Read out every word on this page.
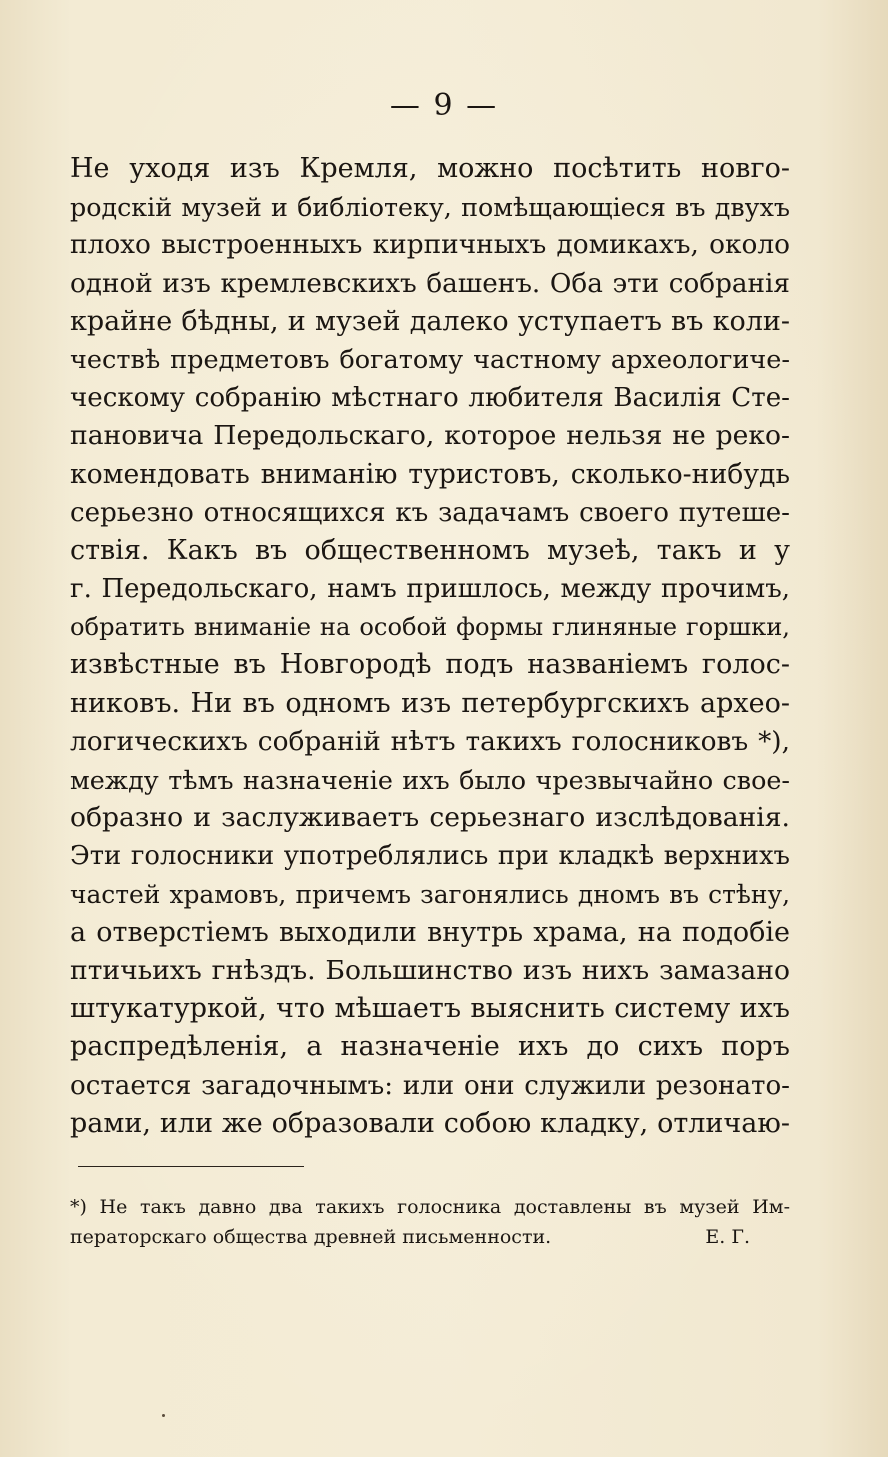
— 9 —
Не уходя изъ Кремля, можно посѣтить новго-
родскій музей и библіотеку, помѣщающіеся въ двухъ
плохо выстроенныхъ кирпичныхъ домикахъ, около
одной изъ кремлевскихъ башенъ. Оба эти собранія
крайне бѣдны, и музей далеко уступаетъ въ коли-
чествѣ предметовъ богатому частному археологиче-
ческому собранію мѣстнаго любителя Василія Сте-
пановича Передольскаго, которое нельзя не реко-
комендовать вниманію туристовъ, сколько-нибудь
серьезно относящихся къ задачамъ своего путеше-
ствія. Какъ въ общественномъ музеѣ, такъ и у
г. Передольскаго, намъ пришлось, между прочимъ,
обратить вниманіе на особой формы глиняные горшки,
извѣстные въ Новгородѣ подъ названіемъ голос-
никовъ. Ни въ одномъ изъ петербургскихъ архео-
логическихъ собраній нѣтъ такихъ голосниковъ *),
между тѣмъ назначеніе ихъ было чрезвычайно свое-
образно и заслуживаетъ серьезнаго изслѣдованія.
Эти голосники употреблялись при кладкѣ верхнихъ
частей храмовъ, причемъ загонялись дномъ въ стѣну,
а отверстіемъ выходили внутрь храма, на подобіе
птичьихъ гнѣздъ. Большинство изъ нихъ замазано
штукатуркой, что мѣшаетъ выяснить систему ихъ
распредѣленія, а назначеніе ихъ до сихъ поръ
остается загадочнымъ: или они служили резонато-
рами, или же образовали собою кладку, отличаю-
*) Не такъ давно два такихъ голосника доставлены въ музей Им-
ператорскаго общества древней письменности.	Е. Г.
